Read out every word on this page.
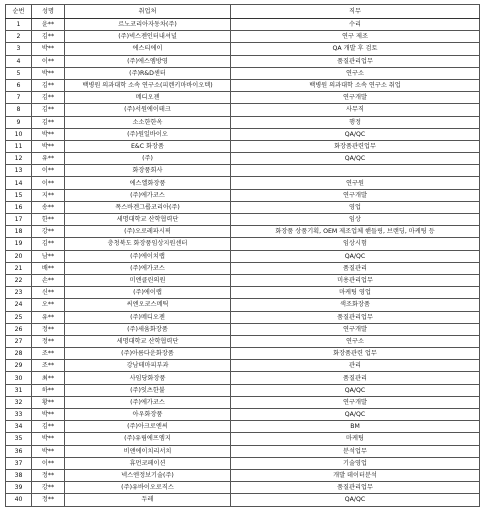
순번	성명	취업처	직무
1	윤**	르노코리아자동차(주)	수리
2	김**	(주)넥스젠인터내셔널	연구 제조
3	박**	에스티에이	QA 개발 후 검토
4	이**	(주)에스엠방영	품질관리업무
5	박**	(주)R&D센터	연구소
6	김**	백병원 의과대학 소속 연구소(피렌키마바이오텍)	백병원 의과대학 소속 연구소 취업
7	김**	메디오젠	연구개발
8	김**	(주)서원에이테크	사무직
9	김**	소소한한옥	행정
10	박**	(주)원일바이오	QA/QC
11	박**	E&C 화장품	화장품관련업무
12	유**	(주)	QA/QC
13	이**	화장품회사	
14	이**	에스엘화장품	연구원
15	지**	(주)에가코스	연구개발
16	송**	폭스바겐그룹코리아(주)	영업
17	한**	세명대학교 산학협력단	임상
18	강**	(주)오로레파시픽	화장품 상품기획, OEM 제조업체 핸들링, 브랜딩, 마케팅 등
19	김**	충청북도 화장품임상지원센터	임상시험
20	남**	(주)에이치랩	QA/QC
21	배**	(주)에가코스	품질관리
22	손**	미엔클린의원	미용관리업무
23	신**	(주)에이랩	마케팅 영업
24	오**	씨엔오코스메틱	색조화장품
25	유**	(주)메디오젠	품질관리업무
26	정**	(주)세움화장품	연구개발
27	정**	세명대학교 산학협력단	연구소
28	조**	(주)아름다운화장품	화장품관련 업무
29	조**	강남테마피부과	관리
30	최**	사임당화장품	품질관리
31	하**	(주)잇츠한불	QA/QC
32	황**	(주)에가코스	연구개발
33	박**	아우화장품	QA/QC
34	김**	(주)아크로엔씨	BM
35	박**	(주)유림에프엠지	마케팅
36	박**	비앤에이치리서치	분석업무
37	이**	휴먼코페이션	기술영업
38	정**	넥스엔정보기술(주)	개발 데이터분석
39	강**	(주)유바이오로직스	품질관리업무
40	정**	두레	QA/QC
